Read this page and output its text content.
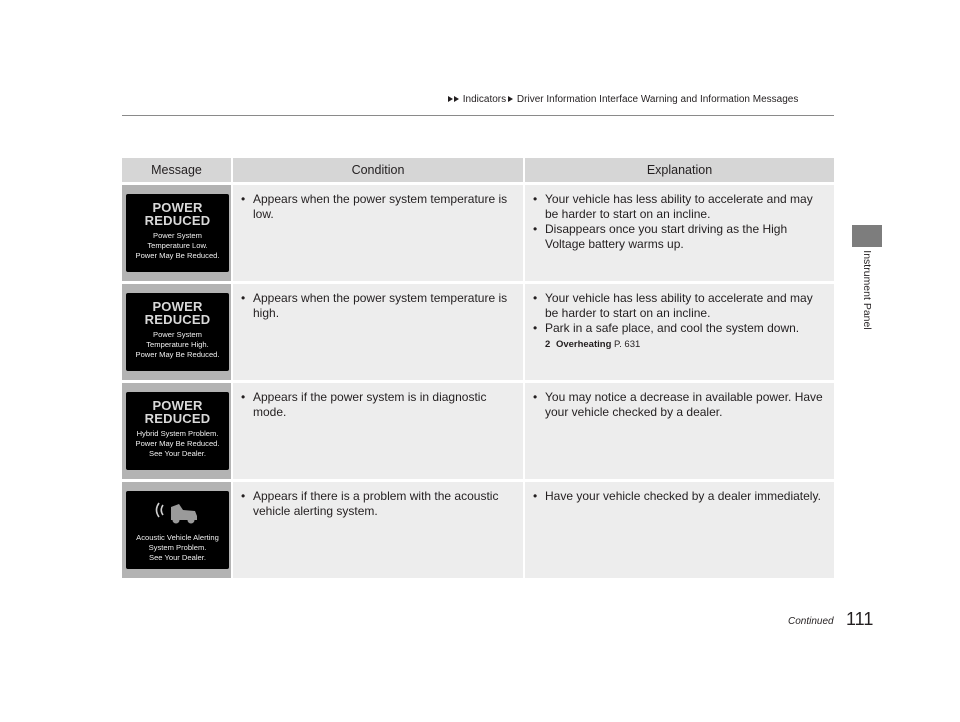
Indicators Driver Information Interface Warning and Information Messages
Instrument Panel
Message	Condition	Explanation
POWER
REDUCED
Power System
Temperature Low.
Power May Be Reduced.
• Appears when the power system temperature is low.
• Your vehicle has less ability to accelerate and may be harder to start on an incline.
• Disappears once you start driving as the High Voltage battery warms up.
POWER
REDUCED
Power System
Temperature High.
Power May Be Reduced.
• Appears when the power system temperature is high.
• Your vehicle has less ability to accelerate and may be harder to start on an incline.
• Park in a safe place, and cool the system down.
2 Overheating P. 631
POWER
REDUCED
Hybrid System Problem.
Power May Be Reduced.
See Your Dealer.
• Appears if the power system is in diagnostic mode.
• You may notice a decrease in available power. Have your vehicle checked by a dealer.
Acoustic Vehicle Alerting
System Problem.
See Your Dealer.
• Appears if there is a problem with the acoustic vehicle alerting system.
• Have your vehicle checked by a dealer immediately.
Continued 111
